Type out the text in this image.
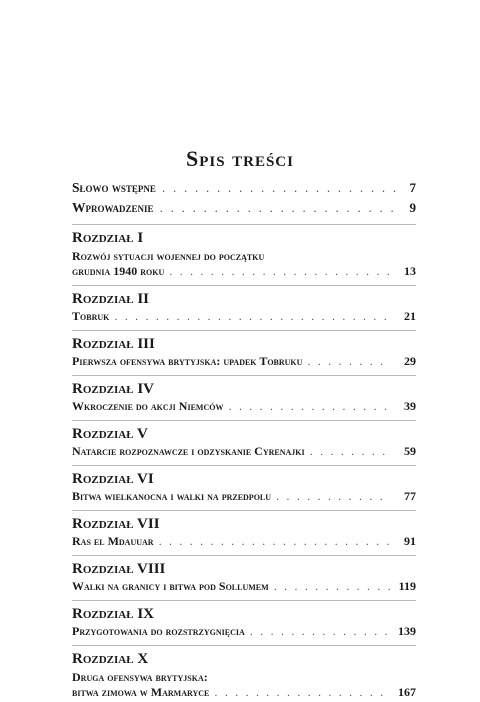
Spis treści
Słowo wstępne . . .	7
Wprowadzenie . . .	9
Rozdział I
Rozwój sytuacji wojennej do początku
grudnia 1940 roku . . .	13
Rozdział II
Tobruk . . .	21
Rozdział III
Pierwsza ofensywa brytyjska: upadek Tobruku . . .	29
Rozdział IV
Wkroczenie do akcji Niemców . . .	39
Rozdział V
Natarcie rozpoznawcze i odzyskanie Cyrenajki . . .	59
Rozdział VI
Bitwa wielkanocna i walki na przedpolu . . .	77
Rozdział VII
Ras el Mdauuar . . .	91
Rozdział VIII
Walki na granicy i bitwa pod Sollumem . . .	119
Rozdział IX
Przygotowania do rozstrzygnięcia . . .	139
Rozdział X
Druga ofensywa brytyjska:
bitwa zimowa w Marmaryce . . .	167
